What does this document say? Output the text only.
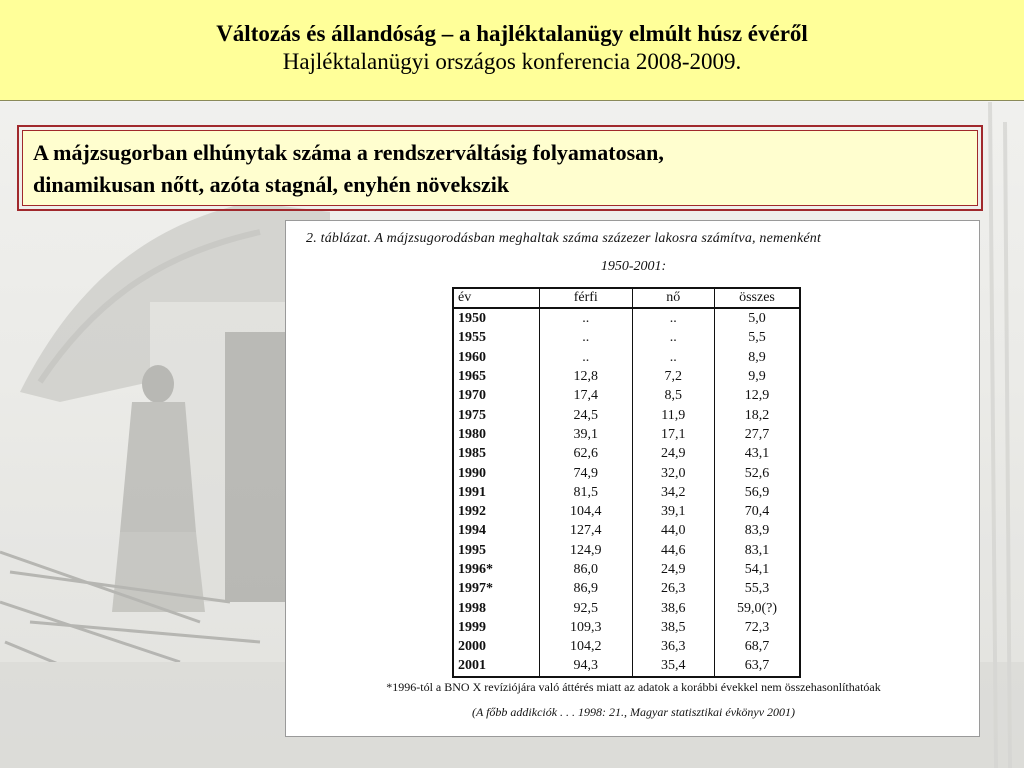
Változás és állandóság – a hajléktalanügy elmúlt húsz évéről
Hajléktalanügyi országos konferencia 2008-2009.
A májzsugorban elhúnytak száma a rendszerváltásig folyamatosan,
dinamikusan nőtt, azóta stagnál, enyhén növekszik
2. táblázat. A májzsugorodásban meghaltak száma százezer lakosra számítva, nemenként
1950-2001:
év	férfi	nő	összes
1950	..	..	5,0
1955	..	..	5,5
1960	..	..	8,9
1965	12,8	7,2	9,9
1970	17,4	8,5	12,9
1975	24,5	11,9	18,2
1980	39,1	17,1	27,7
1985	62,6	24,9	43,1
1990	74,9	32,0	52,6
1991	81,5	34,2	56,9
1992	104,4	39,1	70,4
1994	127,4	44,0	83,9
1995	124,9	44,6	83,1
1996*	86,0	24,9	54,1
1997*	86,9	26,3	55,3
1998	92,5	38,6	59,0(?)
1999	109,3	38,5	72,3
2000	104,2	36,3	68,7
2001	94,3	35,4	63,7
*1996-tól a BNO X revíziójára való áttérés miatt az adatok a korábbi évekkel nem összehasonlíthatóak
(A főbb addikciók . . . 1998: 21., Magyar statisztikai évkönyv 2001)
